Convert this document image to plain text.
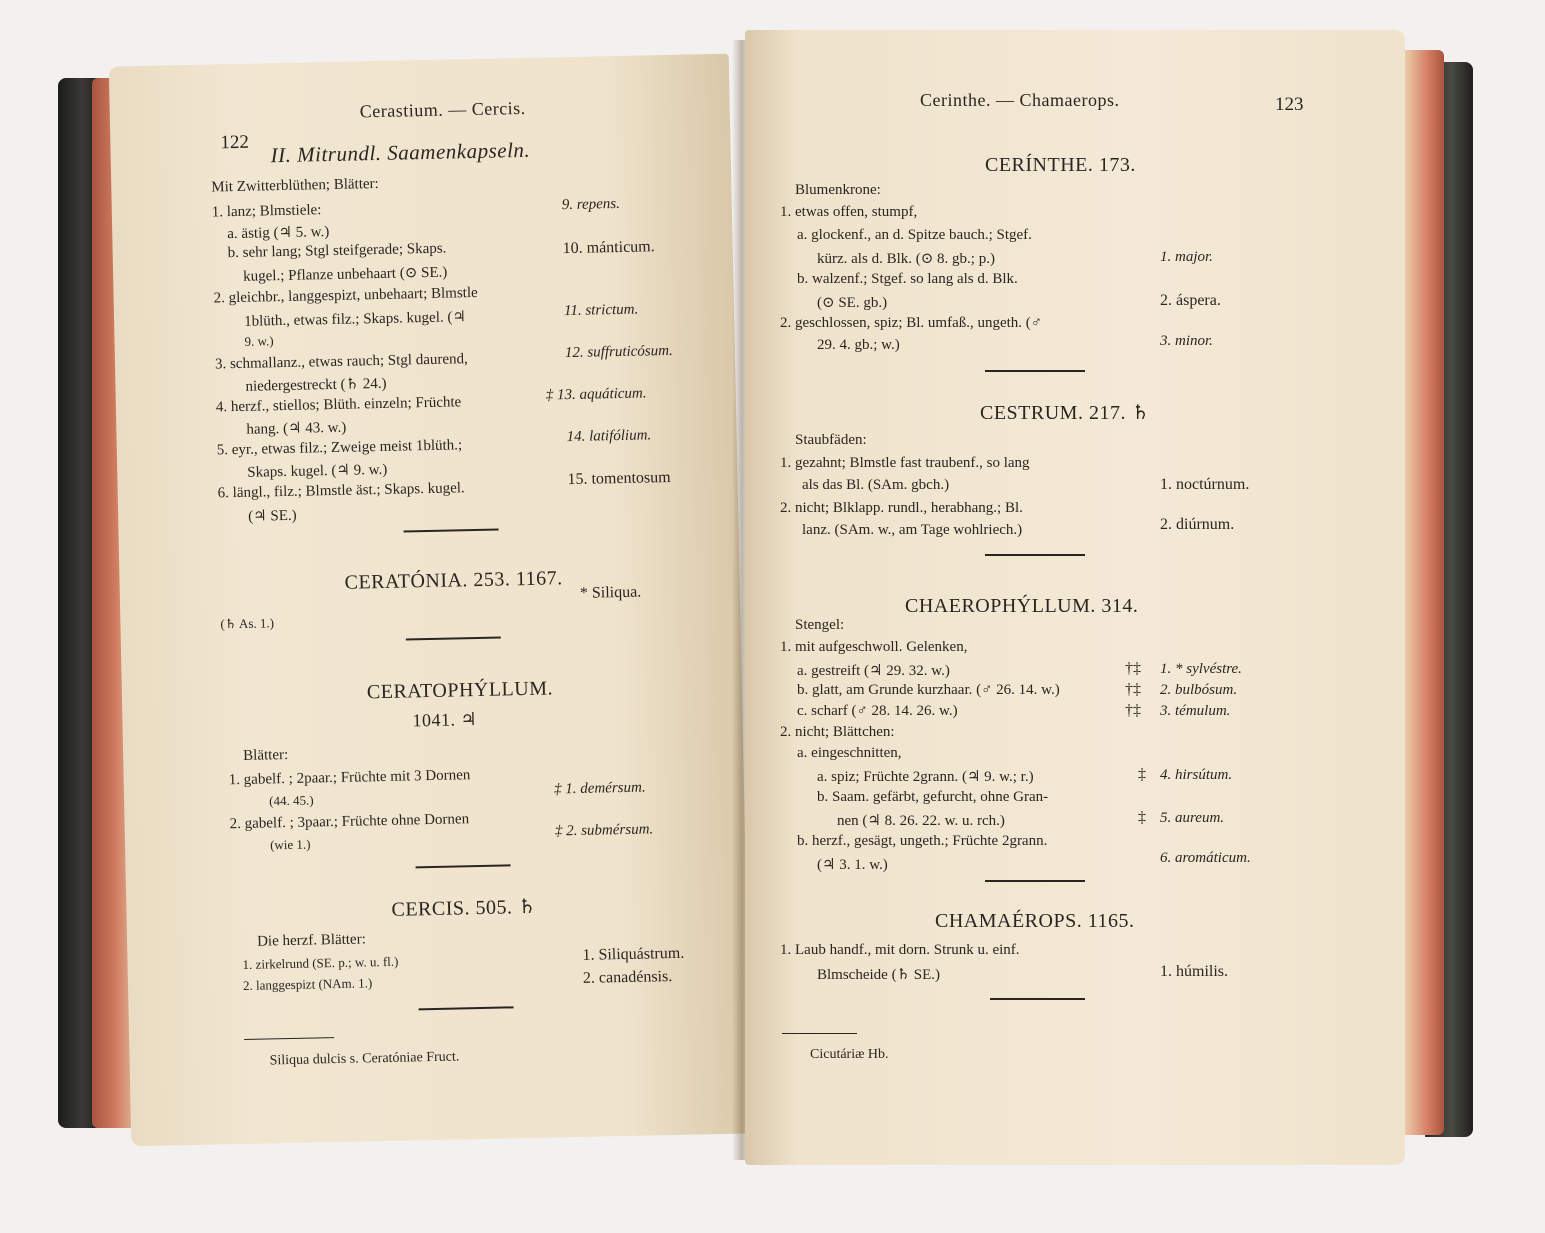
122
Cerastium. — Cercis.
II. Mitrundl. Saamenkapseln.
Mit Zwitterblüthen; Blätter:
1. lanz; Blmstiele:
a. ästig (♃ 5. w.)
b. sehr lang; Stgl steifgerade; Skaps.
kugel.; Pflanze unbehaart (⊙ SE.)
2. gleichbr., langgespizt, unbehaart; Blmstle
1blüth., etwas filz.; Skaps. kugel. (♃
9. w.)
3. schmallanz., etwas rauch; Stgl daurend,
niedergestreckt (♄ 24.)
4. herzf., stiellos; Blüth. einzeln; Früchte
hang. (♃ 43. w.)
5. eyr., etwas filz.; Zweige meist 1blüth.;
Skaps. kugel. (♃ 9. w.)
6. längl., filz.; Blmstle äst.; Skaps. kugel.
(♃ SE.)
9. repens.
10. mánticum.
11. strictum.
12. suffruticósum.
‡ 13. aquáticum.
14. latifólium.
15. tomentosum
CERATÓNIA. 253. 1167.
(♄ As. 1.)
* Siliqua.
CERATOPHÝLLUM.
1041. ♃
Blätter:
1. gabelf. ; 2paar.; Früchte mit 3 Dornen
(44. 45.)
2. gabelf. ; 3paar.; Früchte ohne Dornen
(wie 1.)
‡ 1. demérsum.
‡ 2. submérsum.
CERCIS. 505. ♄
Die herzf. Blätter:
1. zirkelrund (SE. p.; w. u. fl.)
2. langgespizt (NAm. 1.)
1. Siliquástrum.
2. canadénsis.
Siliqua dulcis s. Ceratóniae Fruct.
Cerinthe. — Chamaerops.	123
CERÍNTHE. 173.
Blumenkrone:
1. etwas offen, stumpf,
a. glockenf., an d. Spitze bauch.; Stgef.
kürz. als d. Blk. (⊙ 8. gb.; p.)
b. walzenf.; Stgef. so lang als d. Blk.
(⊙ SE. gb.)
2. geschlossen, spiz; Bl. umfaß., ungeth. (♂
29. 4. gb.; w.)
1. major.
2. áspera.
3. minor.
CESTRUM. 217. ♄
Staubfäden:
1. gezahnt; Blmstle fast traubenf., so lang
als das Bl. (SAm. gbch.)
2. nicht; Blklapp. rundl., herabhang.; Bl.
lanz. (SAm. w., am Tage wohlriech.)
1. noctúrnum.
2. diúrnum.
CHAEROPHÝLLUM. 314.
Stengel:
1. mit aufgeschwoll. Gelenken,
a. gestreift (♃ 29. 32. w.)
b. glatt, am Grunde kurzhaar. (♂ 26. 14. w.)
c. scharf (♂ 28. 14. 26. w.)
2. nicht; Blättchen:
a. eingeschnitten,
a. spiz; Früchte 2grann. (♃ 9. w.; r.)
b. Saam. gefärbt, gefurcht, ohne Gran-
nen (♃ 8. 26. 22. w. u. rch.)
b. herzf., gesägt, ungeth.; Früchte 2grann.
(♃ 3. 1. w.)
†‡
†‡
†‡
‡
‡
1. * sylvéstre.
2. bulbósum.
3. témulum.
4. hirsútum.
5. aureum.
6. aromáticum.
CHAMAÉROPS. 1165.
1. Laub handf., mit dorn. Strunk u. einf.
Blmscheide (♄ SE.)	1. húmilis.
Cicutáriæ Hb.
